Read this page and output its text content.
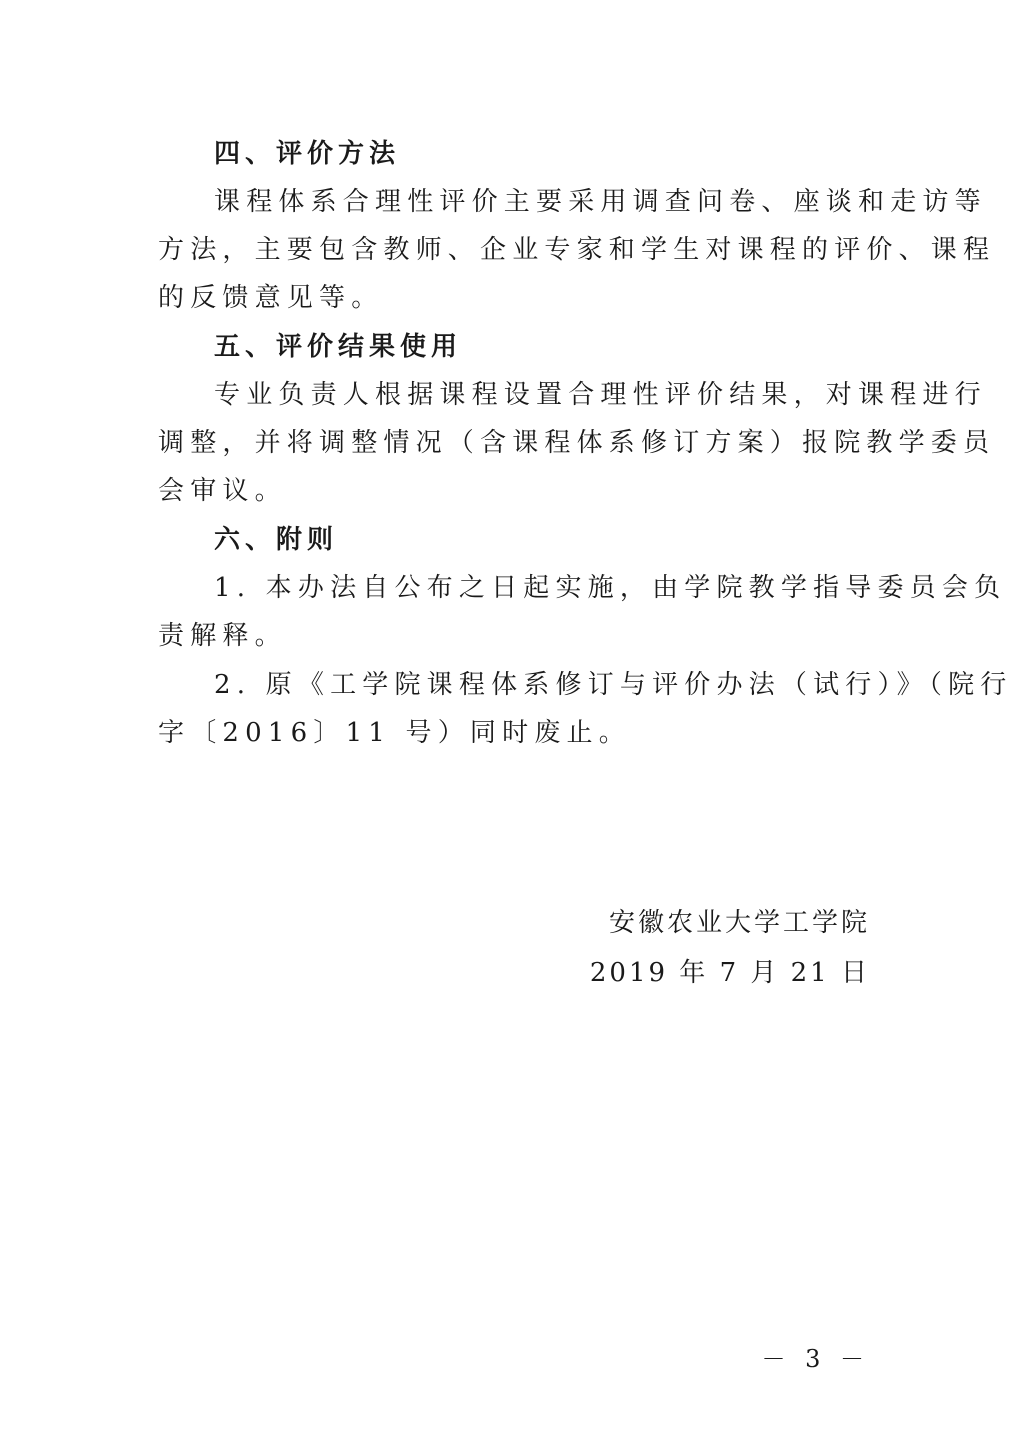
四、评价方法
课程体系合理性评价主要采用调查问卷、座谈和走访等
方法，主要包含教师、企业专家和学生对课程的评价、课程
的反馈意见等。
五、评价结果使用
专业负责人根据课程设置合理性评价结果，对课程进行
调整，并将调整情况（含课程体系修订方案）报院教学委员
会审议。
六、附则
1. 本办法自公布之日起实施，由学院教学指导委员会负
责解释。
2. 原《工学院课程体系修订与评价办法（试行）》（院行
字〔2016〕11 号）同时废止。
安徽农业大学工学院
2019 年 7 月 21 日
－ 3 －
